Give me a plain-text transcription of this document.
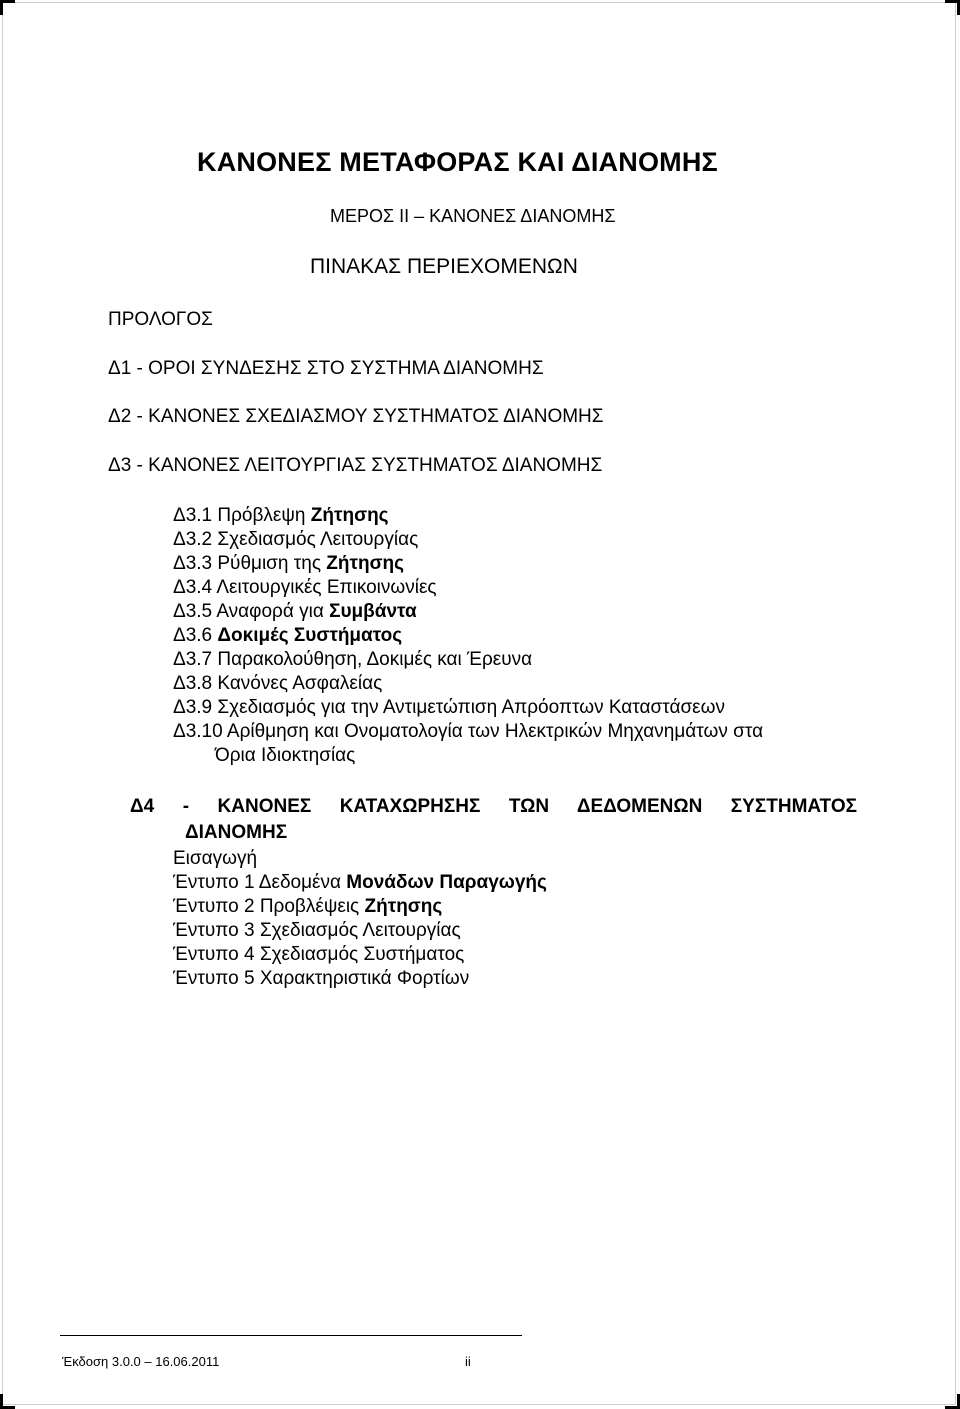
ΚΑΝΟΝΕΣ ΜΕΤΑΦΟΡΑΣ ΚΑΙ ΔΙΑΝΟΜΗΣ
ΜΕΡΟΣ ΙΙ – ΚΑΝΟΝΕΣ ΔΙΑΝΟΜΗΣ
ΠΙΝΑΚΑΣ ΠΕΡΙΕΧΟΜΕΝΩΝ
ΠΡΟΛΟΓΟΣ
Δ1 - ΟΡΟΙ ΣΥΝΔΕΣΗΣ ΣΤΟ ΣΥΣΤΗΜΑ ΔΙΑΝΟΜΗΣ
Δ2 - ΚΑΝΟΝΕΣ ΣΧΕΔΙΑΣΜΟΥ ΣΥΣΤΗΜΑΤΟΣ ΔΙΑΝΟΜΗΣ
Δ3 - ΚΑΝΟΝΕΣ ΛΕΙΤΟΥΡΓΙΑΣ ΣΥΣΤΗΜΑΤΟΣ ΔΙΑΝΟΜΗΣ
Δ3.1 Πρόβλεψη Ζήτησης
Δ3.2 Σχεδιασμός Λειτουργίας
Δ3.3 Ρύθμιση της Ζήτησης
Δ3.4 Λειτουργικές Επικοινωνίες
Δ3.5 Αναφορά για Συμβάντα
Δ3.6 Δοκιμές Συστήματος
Δ3.7 Παρακολούθηση, Δοκιμές και Έρευνα
Δ3.8 Κανόνες Ασφαλείας
Δ3.9 Σχεδιασμός για την Αντιμετώπιση Απρόοπτων Καταστάσεων
Δ3.10 Αρίθμηση και Ονοματολογία των Ηλεκτρικών Μηχανημάτων στα
Όρια Ιδιοκτησίας
Δ4 - ΚΑΝΟΝΕΣ ΚΑΤΑΧΩΡΗΣΗΣ ΤΩΝ ΔΕΔΟΜΕΝΩΝ ΣΥΣΤΗΜΑΤΟΣ
ΔΙΑΝΟΜΗΣ
Εισαγωγή
Έντυπο 1 Δεδομένα Μονάδων Παραγωγής
Έντυπο 2 Προβλέψεις Ζήτησης
Έντυπο 3 Σχεδιασμός Λειτουργίας
Έντυπο 4 Σχεδιασμός Συστήματος
Έντυπο 5 Χαρακτηριστικά Φορτίων
Έκδοση 3.0.0 – 16.06.2011	ii
